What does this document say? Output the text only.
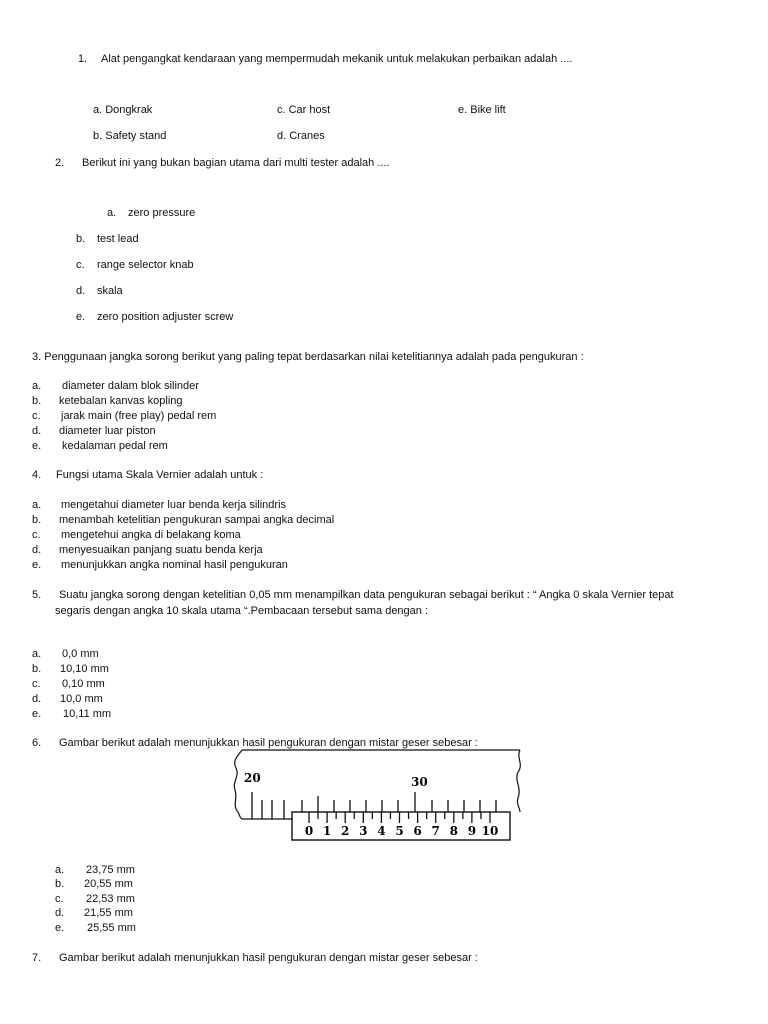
1. Alat pengangkat kendaraan yang mempermudah mekanik untuk melakukan perbaikan adalah ....
a. Dongkrak	c. Car host	e. Bike lift
b. Safety stand	d. Cranes
2. Berikut ini yang bukan bagian utama dari multi tester adalah ....
a. zero pressure
b. test lead
c. range selector knab
d. skala
e. zero position adjuster screw
3. Penggunaan jangka sorong berikut yang paling tepat berdasarkan nilai ketelitiannya adalah pada pengukuran :
a. diameter dalam blok silinder
b. ketebalan kanvas kopling
c. jarak main (free play) pedal rem
d. diameter luar piston
e. kedalaman pedal rem
4. Fungsi utama Skala Vernier adalah untuk :
a. mengetahui diameter luar benda kerja silindris
b. menambah ketelitian pengukuran sampai angka decimal
c. mengetehui angka di belakang koma
d. menyesuaikan panjang suatu benda kerja
e. menunjukkan angka nominal hasil pengukuran
5. Suatu jangka sorong dengan ketelitian 0,05 mm menampilkan data pengukuran sebagai berikut : “ Angka 0 skala Vernier tepat
segaris dengan angka 10 skala utama “.Pembacaan tersebut sama dengan :
a. 0,0 mm
b. 10,10 mm
c. 0,10 mm
d. 10,0 mm
e. 10,11 mm
6. Gambar berikut adalah menunjukkan hasil pengukuran dengan mistar geser sebesar :
20	30
0 1 2 3 4 5 6 7 8 9 10
a. 23,75 mm
b. 20,55 mm
c. 22,53 mm
d. 21,55 mm
e. 25,55 mm
7. Gambar berikut adalah menunjukkan hasil pengukuran dengan mistar geser sebesar :
